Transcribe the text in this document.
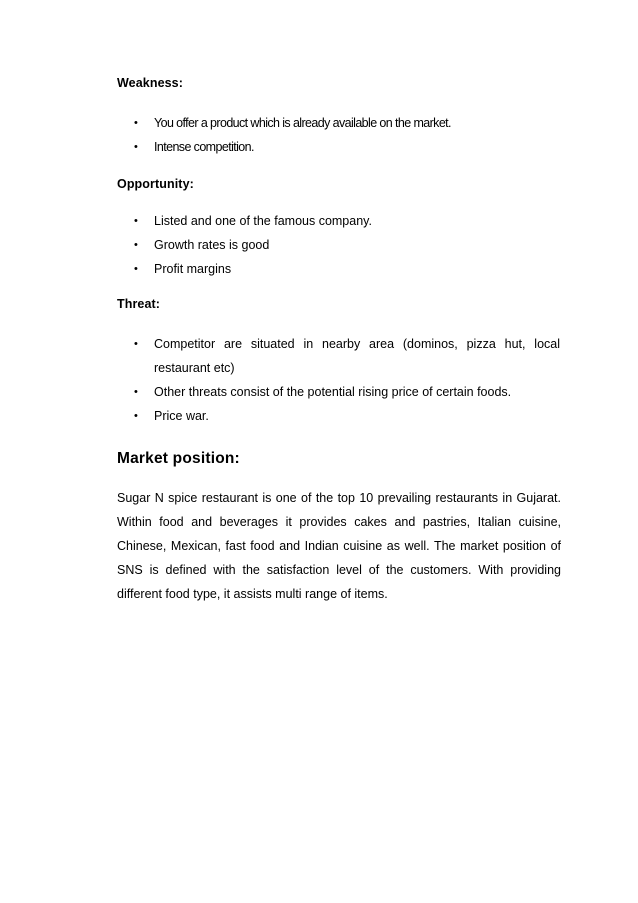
Weakness:
• You offer a product which is already available on the market.
• Intense competition.
Opportunity:
• Listed and one of the famous company.
• Growth rates is good
• Profit margins
Threat:
• Competitor are situated in nearby area (dominos, pizza hut, local restaurant etc)
• Other threats consist of the potential rising price of certain foods.
• Price war.
Market position:

Sugar N spice restaurant is one of the top 10 prevailing restaurants in Gujarat. Within food and beverages it provides cakes and pastries, Italian cuisine, Chinese, Mexican, fast food and Indian cuisine as well. The market position of SNS is defined with the satisfaction level of the customers. With providing different food type, it assists multi range of items.
